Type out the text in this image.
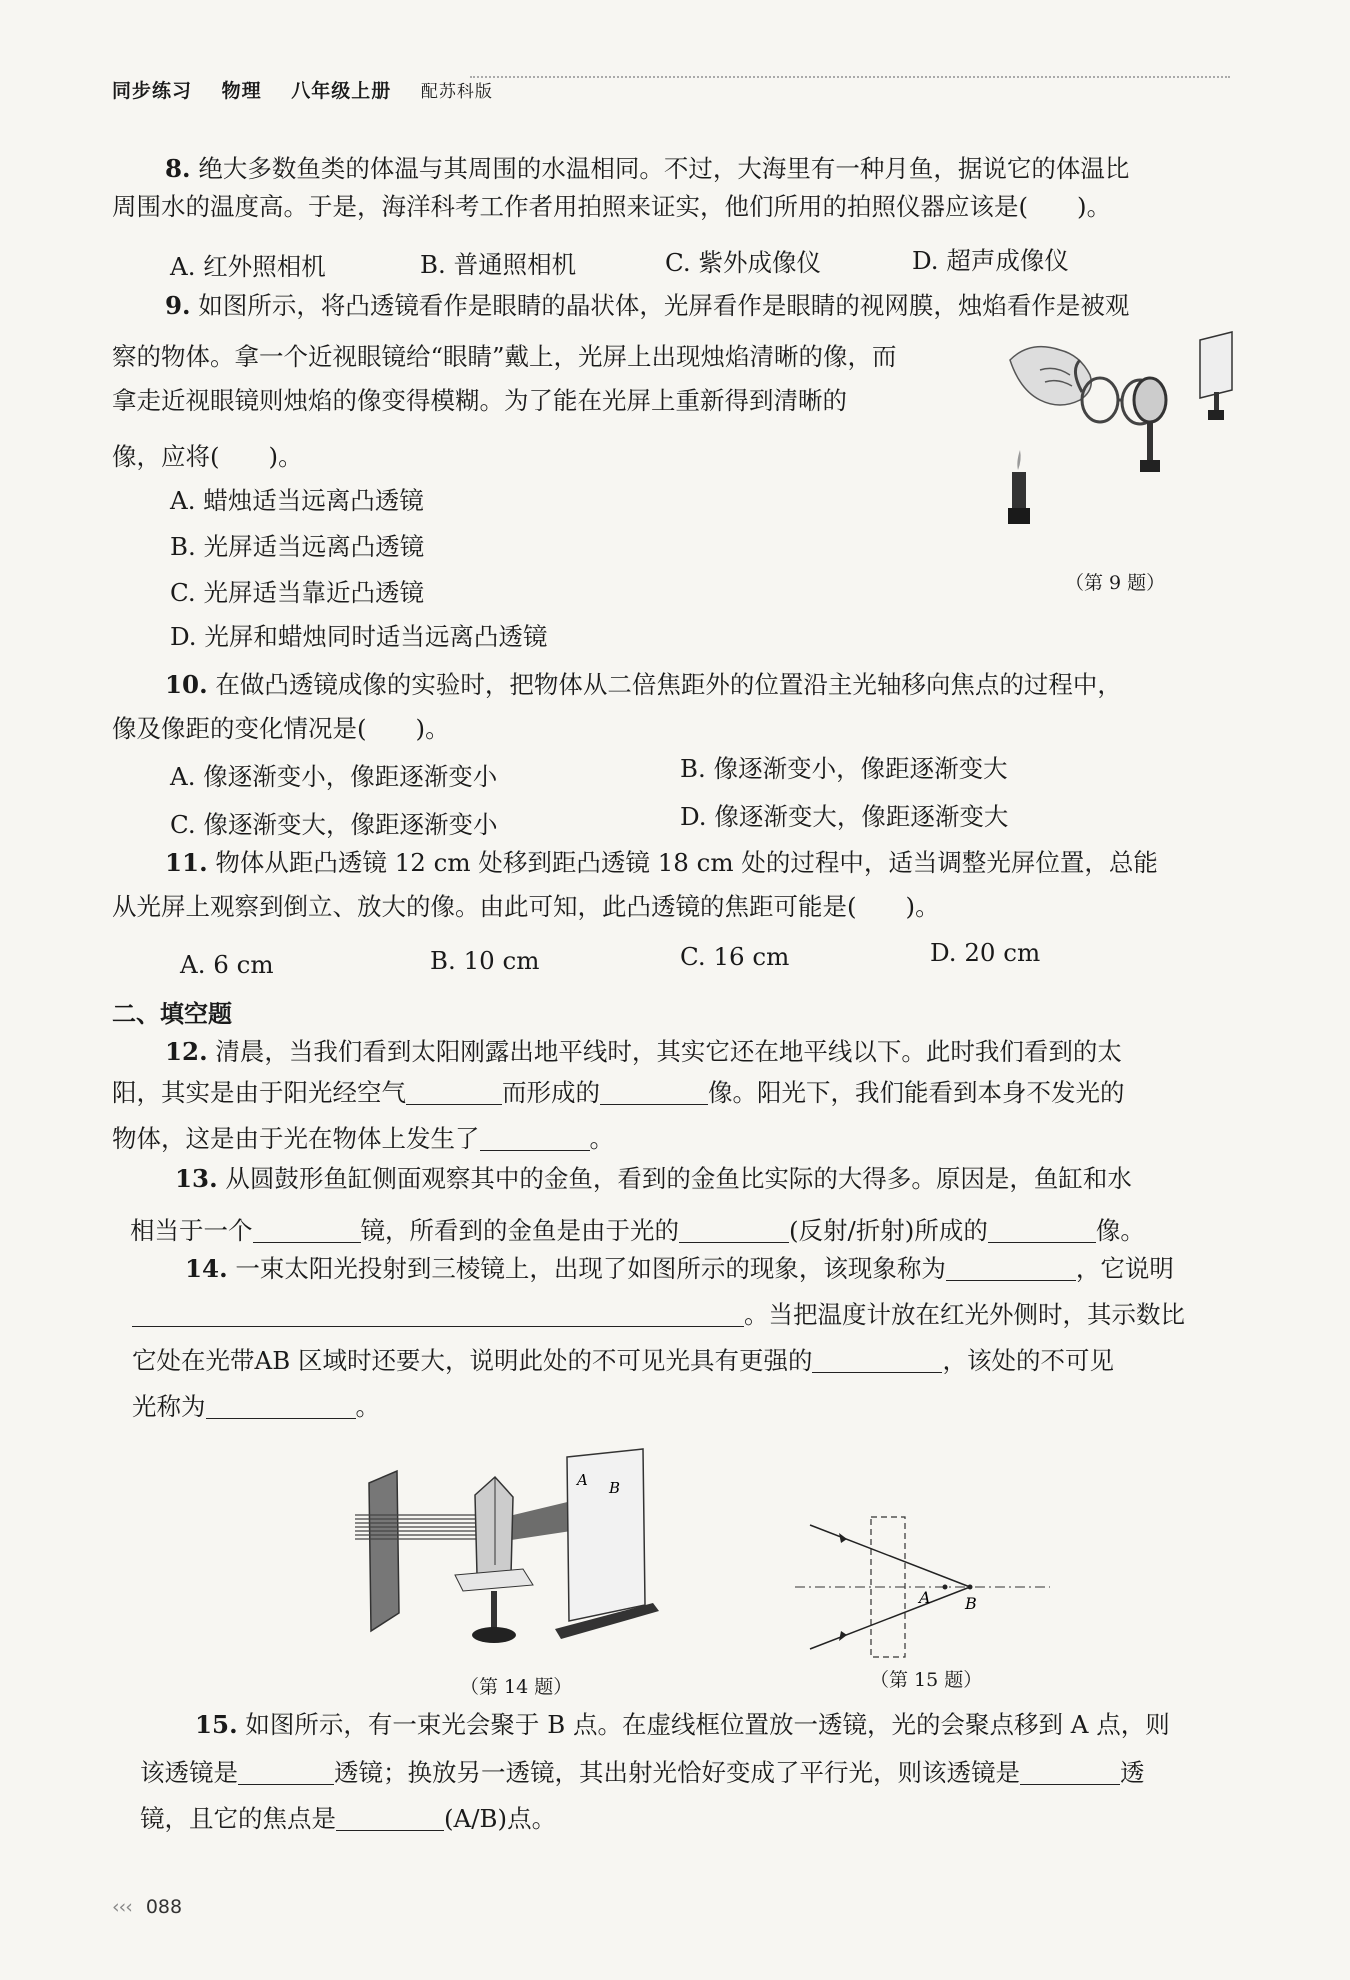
同步练习 物理 八年级上册 配苏科版
8. 绝大多数鱼类的体温与其周围的水温相同。不过，大海里有一种月鱼，据说它的体温比
周围水的温度高。于是，海洋科考工作者用拍照来证实，他们所用的拍照仪器应该是(　　)。
A. 红外照相机	B. 普通照相机	C. 紫外成像仪	D. 超声成像仪
9. 如图所示，将凸透镜看作是眼睛的晶状体，光屏看作是眼睛的视网膜，烛焰看作是被观
察的物体。拿一个近视眼镜给“眼睛”戴上，光屏上出现烛焰清晰的像，而
拿走近视眼镜则烛焰的像变得模糊。为了能在光屏上重新得到清晰的
像，应将(　　)。
A. 蜡烛适当远离凸透镜
B. 光屏适当远离凸透镜
C. 光屏适当靠近凸透镜
D. 光屏和蜡烛同时适当远离凸透镜
（第 9 题）
10. 在做凸透镜成像的实验时，把物体从二倍焦距外的位置沿主光轴移向焦点的过程中，
像及像距的变化情况是(　　)。
A. 像逐渐变小，像距逐渐变小	B. 像逐渐变小，像距逐渐变大
C. 像逐渐变大，像距逐渐变小	D. 像逐渐变大，像距逐渐变大
11. 物体从距凸透镜 12 cm 处移到距凸透镜 18 cm 处的过程中，适当调整光屏位置，总能
从光屏上观察到倒立、放大的像。由此可知，此凸透镜的焦距可能是(　　)。
A. 6 cm	B. 10 cm	C. 16 cm	D. 20 cm
二、填空题
12. 清晨，当我们看到太阳刚露出地平线时，其实它还在地平线以下。此时我们看到的太
阳，其实是由于阳光经空气	而形成的	像。阳光下，我们能看到本身不发光的
物体，这是由于光在物体上发生了	。
13. 从圆鼓形鱼缸侧面观察其中的金鱼，看到的金鱼比实际的大得多。原因是，鱼缸和水
相当于一个	镜，所看到的金鱼是由于光的	(反射/折射)所成的	像。
14. 一束太阳光投射到三棱镜上，出现了如图所示的现象，该现象称为	，它说明
。当把温度计放在红光外侧时，其示数比
它处在光带AB 区域时还要大，说明此处的不可见光具有更强的	，该处的不可见
光称为	。
A B
（第 14 题）
A B
（第 15 题）
15. 如图所示，有一束光会聚于 B 点。在虚线框位置放一透镜，光的会聚点移到 A 点，则
该透镜是	透镜；换放另一透镜，其出射光恰好变成了平行光，则该透镜是	透
镜，且它的焦点是	(A/B)点。
‹‹‹ 088
